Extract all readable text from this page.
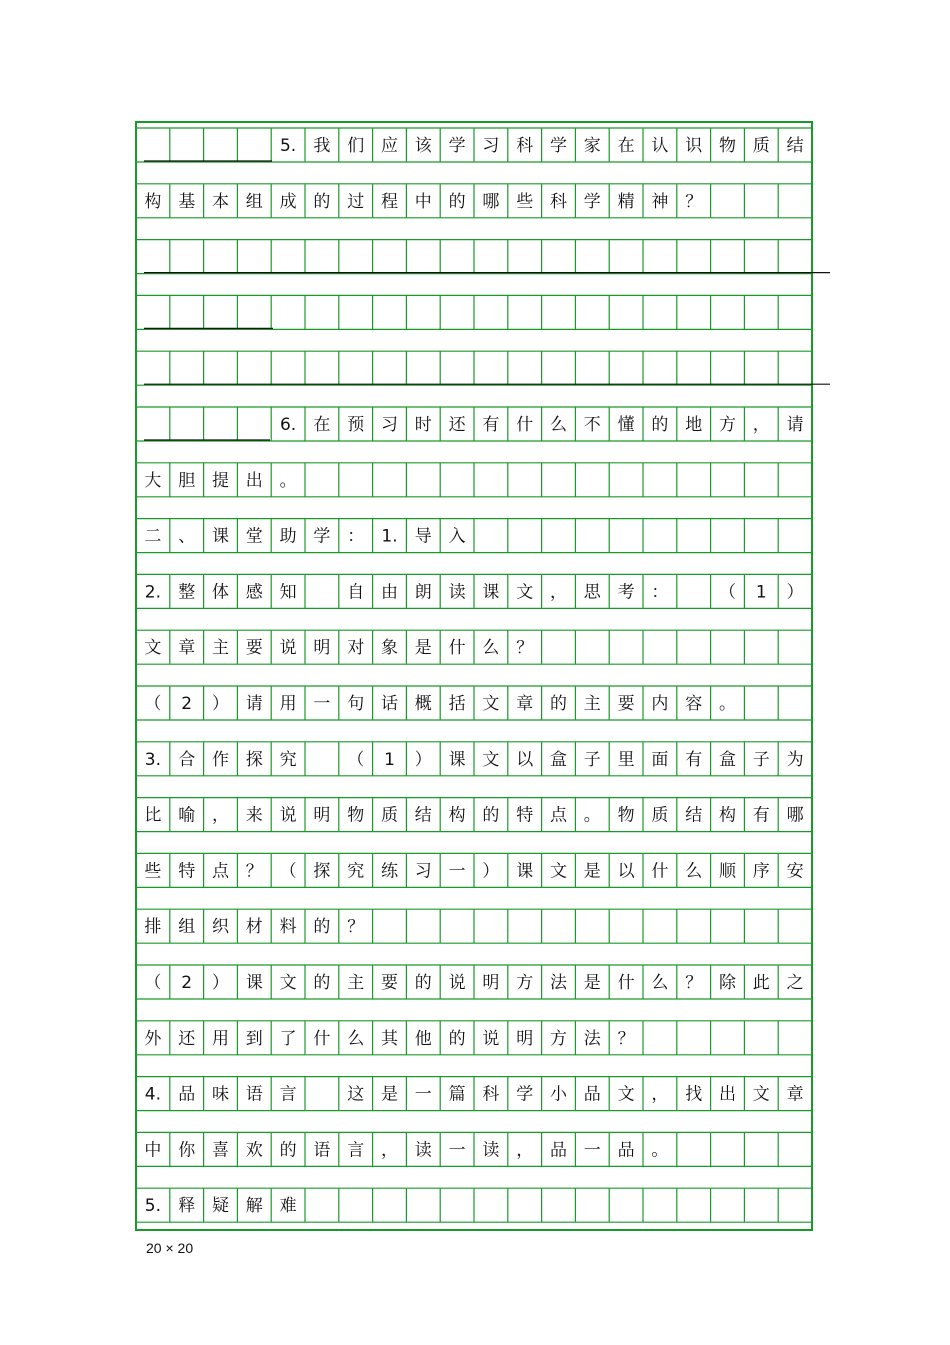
5. 我 们 应 该 学 习 科 学 家 在 认 识 物 质 结
构 基 本 组 成 的 过 程 中 的 哪 些 科 学 精 神 ？
6. 在 预 习 时 还 有 什 么 不 懂 的 地 方 ， 请
大 胆 提 出 。
二 、 课 堂 助 学 ： 1. 导 入
2. 整 体 感 知	自 由 朗 读 课 文 ， 思 考 ：	（ 1 ）
文 章 主 要 说 明 对 象 是 什 么 ？
（ 2 ） 请 用 一 句 话 概 括 文 章 的 主 要 内 容 。
3. 合 作 探 究	（ 1 ） 课 文 以 盒 子 里 面 有 盒 子 为
比 喻 ， 来 说 明 物 质 结 构 的 特 点 。 物 质 结 构 有 哪
些 特 点 ？ （ 探 究 练 习 一 ） 课 文 是 以 什 么 顺 序 安
排 组 织 材 料 的 ？
（ 2 ） 课 文 的 主 要 的 说 明 方 法 是 什 么 ？ 除 此 之
外 还 用 到 了 什 么 其 他 的 说 明 方 法 ？
4. 品 味 语 言	这 是 一 篇 科 学 小 品 文 ， 找 出 文 章
中 你 喜 欢 的 语 言 ， 读 一 读 ， 品 一 品 。
5. 释 疑 解 难
20 × 20
